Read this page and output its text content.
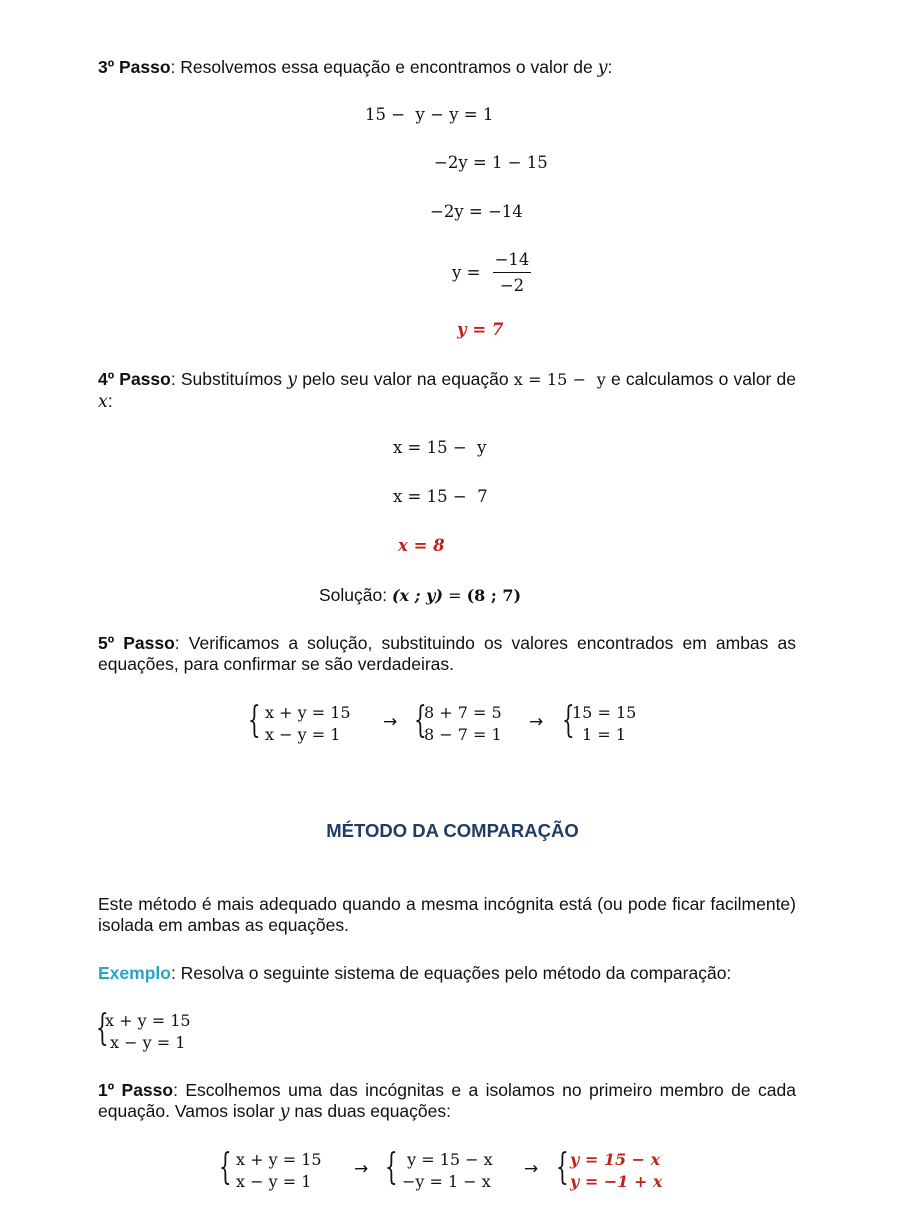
3º Passo: Resolvemos essa equação e encontramos o valor de y:
15 −  y − y = 1
−2y = 1 − 15
−2y = −14
y =
−14
−2
y = 7
4º Passo: Substituímos y pelo seu valor na equação x = 15 −  y e calculamos o valor de x:
x = 15 −  y
x = 15 −  7
x = 8
Solução: (x ; y) = (8 ; 7)
5º Passo: Verificamos a solução, substituindo os valores encontrados em ambas as equações, para confirmar se são verdadeiras.
{ x + y = 15
x − y = 1
→ {
8 + 7 = 5
8 − 7 = 1
→ {
15 = 15
1 = 1
MÉTODO DA COMPARAÇÃO
Este método é mais adequado quando a mesma incógnita está (ou pode ficar facilmente) isolada em ambas as equações.
Exemplo: Resolva o seguinte sistema de equações pelo método da comparação:
{
x + y = 15
x − y = 1
1º Passo: Escolhemos uma das incógnitas e a isolamos no primeiro membro de cada equação. Vamos isolar y nas duas equações:
{ x + y = 15
x − y = 1
→ { y = 15 − x
−y = 1 − x
→ { y = 15 − x
y = −1 + x
